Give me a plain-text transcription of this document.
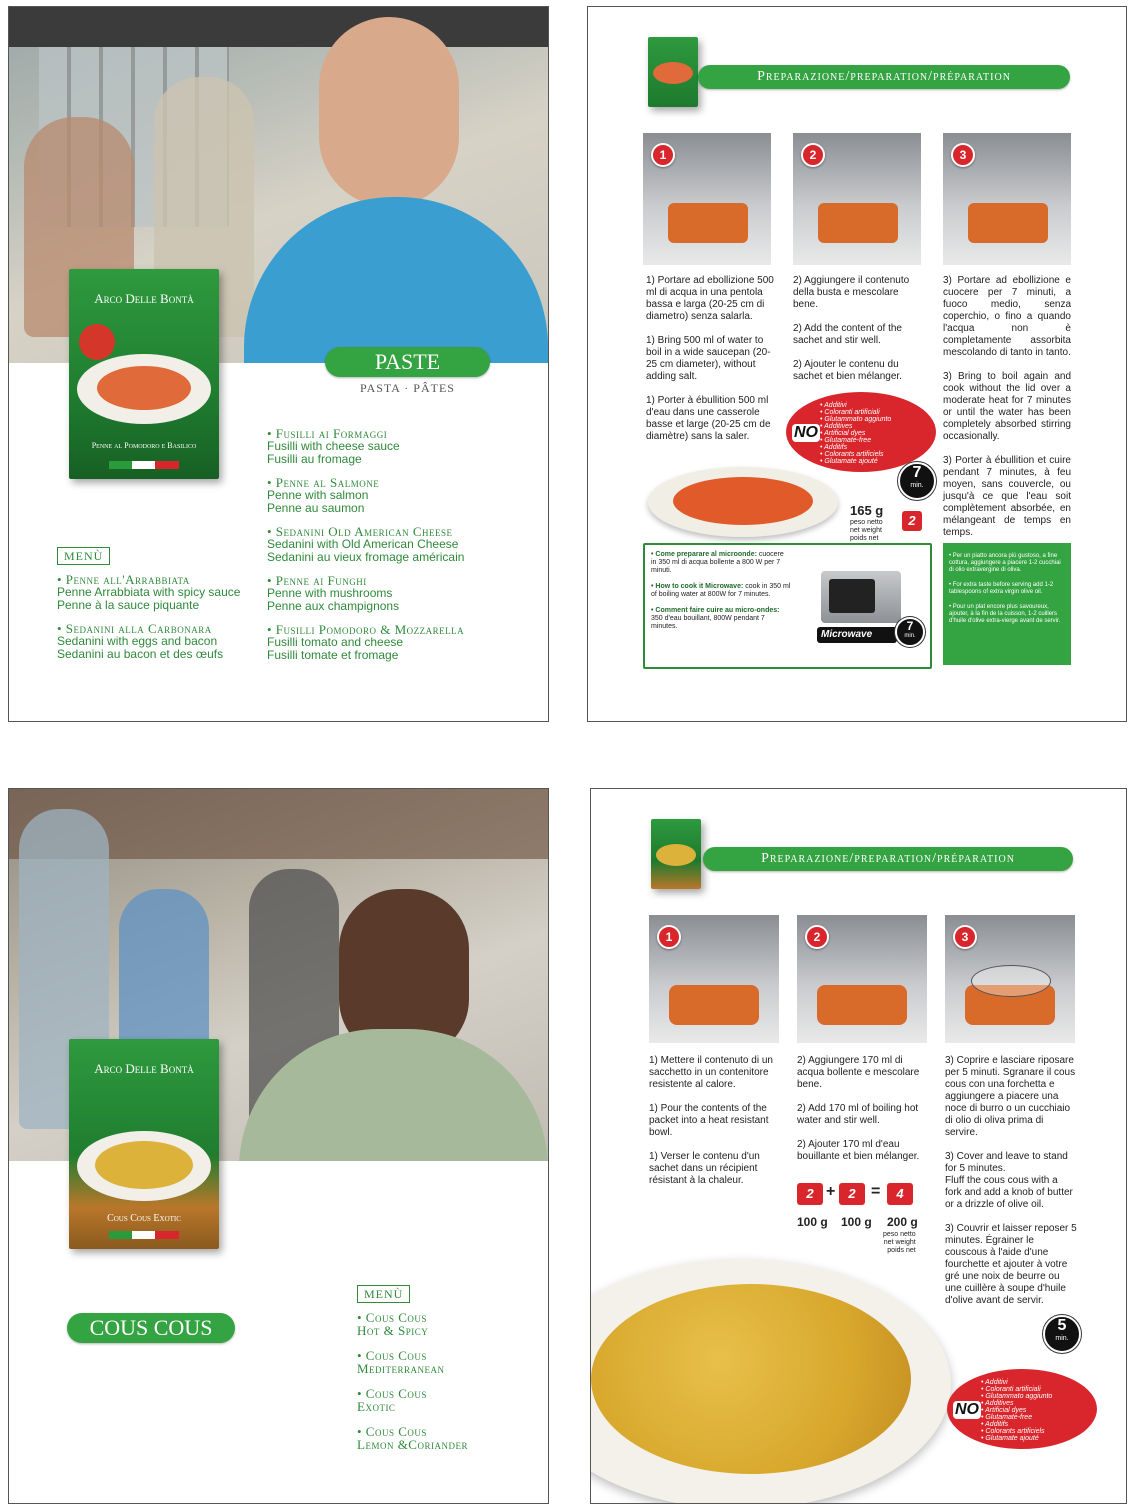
Arco Delle Bontà
Penne al Pomodoro e Basilico
PASTE
PASTA · PÂTES
• Fusilli ai Formaggi
Fusilli with cheese sauce
Fusilli au fromage
• Penne al Salmone
Penne with salmon
Penne au saumon
• Sedanini Old American Cheese
Sedanini with Old American Cheese
Sedanini au vieux fromage américain
• Penne ai Funghi
Penne with mushrooms
Penne aux champignons
• Fusilli Pomodoro & Mozzarella
Fusilli tomato and cheese
Fusilli tomate et fromage
MENÙ
• Penne all'Arrabbiata
Penne Arrabbiata with spicy sauce
Penne à la sauce piquante
• Sedanini alla Carbonara
Sedanini with eggs and bacon
Sedanini au bacon et des œufs
Preparazione/preparation/préparation
1	2	3
1) Portare ad ebollizione 500 ml di acqua in una pentola bassa e larga (20-25 cm di diametro) senza salarla.

1) Bring 500 ml of water to boil in a wide saucepan (20-25 cm diameter), without adding salt.

1) Porter à ébullition 500 ml d'eau dans une casserole basse et large (20-25 cm de diamètre) sans la saler.
2) Aggiungere il contenuto della busta e mescolare bene.

2) Add the content of the sachet and stir well.

2) Ajouter le contenu du sachet et bien mélanger.
3) Portare ad ebollizione e cuocere per 7 minuti, a fuoco medio, senza coperchio, o fino a quando l'acqua non è completamente assorbita mescolando di tanto in tanto.

3) Bring to boil again and cook without the lid over a moderate heat for 7 minutes or until the water has been completely absorbed stirring occasionally.

3) Porter à ébullition et cuire pendant 7 minutes, à feu moyen, sans couvercle, ou jusqu'à ce que l'eau soit complètement absorbée, en mélangeant de temps en temps.
NO
• Additivi
• Coloranti artificiali
• Glutammato aggiunto
• Additives
• Artificial dyes
• Glutamate-free
• Additifs
• Colorants artificiels
• Glutamate ajouté
7
min.
165 g
peso netto
net weight
poids net
2
• Come preparare al microonde: cuocere in 350 ml di acqua bollente a 800 W per 7 minuti.
• How to cook it Microwave: cook in 350 ml of boiling water at 800W for 7 minutes.
• Comment faire cuire au micro-ondes: 350 d'eau bouillant, 800W pendant 7 minutes.
Microwave
7
min.
• Per un piatto ancora più gustoso, a fine cottura, aggiungere a piacere 1-2 cucchiai di olio extravergine di oliva.
• For extra taste before serving add 1-2 tablespoons of extra virgin olive oil.
• Pour un plat encore plus savoureux, ajouter, à la fin de la cuisson, 1-2 cuillers d'huile d'olive extra-vierge avant de servir.
Arco Delle Bontà
Cous Cous Exotic
COUS COUS
MENÙ
• Cous Cous
Hot & Spicy
• Cous Cous
Mediterranean
• Cous Cous
Exotic
• Cous Cous
Lemon &Coriander
Preparazione/preparation/préparation
1	2	3
1) Mettere il contenuto di un sacchetto in un contenitore resistente al calore.

1) Pour the contents of the packet into a heat resistant bowl.

1) Verser le contenu d'un sachet dans un récipient résistant à la chaleur.
2) Aggiungere 170 ml di acqua bollente e mescolare bene.

2) Add 170 ml of boiling hot water and stir well.

2) Ajouter 170 ml d'eau bouillante et bien mélanger.
3) Coprire e lasciare riposare per 5 minuti. Sgranare il cous cous con una forchetta e aggiungere a piacere una noce di burro o un cucchiaio di olio di oliva prima di servire.

3) Cover and leave to stand for 5 minutes.
Fluff the cous cous with a fork and add a knob of butter or a drizzle of olive oil.

3) Couvrir et laisser reposer 5 minutes. Égrainer le couscous à l'aide d'une fourchette et ajouter à votre gré une noix de beurre ou une cuillère à soupe d'huile d'olive avant de servir.
2 +	2 =	4
100 g 100 g 200 g
peso netto
net weight
poids net
5
min.
NO
• Additivi
• Coloranti artificiali
• Glutammato aggiunto
• Additives
• Artificial dyes
• Glutamate-free
• Additifs
• Colorants artificiels
• Glutamate ajouté
